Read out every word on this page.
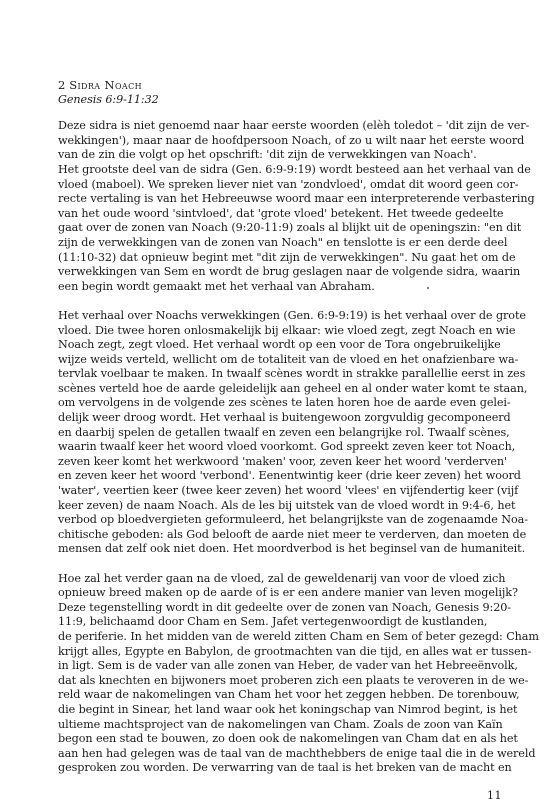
2 Sidra Noach
Genesis 6:9-11:32
Deze sidra is niet genoemd naar haar eerste woorden (elèh toledot – 'dit zijn de ver-
wekkingen'), maar naar de hoofdpersoon Noach, of zo u wilt naar het eerste woord
van de zin die volgt op het opschrift: 'dit zijn de verwekkingen van Noach'.
Het grootste deel van de sidra (Gen. 6:9-9:19) wordt besteed aan het verhaal van de
vloed (maboel). We spreken liever niet van 'zondvloed', omdat dit woord geen cor-
recte vertaling is van het Hebreeuwse woord maar een interpreterende verbastering
van het oude woord 'sintvloed', dat 'grote vloed' betekent. Het tweede gedeelte
gaat over de zonen van Noach (9:20-11:9) zoals al blijkt uit de openingszin: "en dit
zijn de verwekkingen van de zonen van Noach" en tenslotte is er een derde deel
(11:10-32) dat opnieuw begint met "dit zijn de verwekkingen". Nu gaat het om de
verwekkingen van Sem en wordt de brug geslagen naar de volgende sidra, waarin
een begin wordt gemaakt met het verhaal van Abraham.
Het verhaal over Noachs verwekkingen (Gen. 6:9-9:19) is het verhaal over de grote
vloed. Die twee horen onlosmakelijk bij elkaar: wie vloed zegt, zegt Noach en wie
Noach zegt, zegt vloed. Het verhaal wordt op een voor de Tora ongebruikelijke
wijze weids verteld, wellicht om de totaliteit van de vloed en het onafzienbare wa-
tervlak voelbaar te maken. In twaalf scènes wordt in strakke parallellie eerst in zes
scènes verteld hoe de aarde geleidelijk aan geheel en al onder water komt te staan,
om vervolgens in de volgende zes scènes te laten horen hoe de aarde even gelei-
delijk weer droog wordt. Het verhaal is buitengewoon zorgvuldig gecomponeerd
en daarbij spelen de getallen twaalf en zeven een belangrijke rol. Twaalf scènes,
waarin twaalf keer het woord vloed voorkomt. God spreekt zeven keer tot Noach,
zeven keer komt het werkwoord 'maken' voor, zeven keer het woord 'verderven'
en zeven keer het woord 'verbond'. Eenentwintig keer (drie keer zeven) het woord
'water', veertien keer (twee keer zeven) het woord 'vlees' en vijfendertig keer (vijf
keer zeven) de naam Noach. Als de les bij uitstek van de vloed wordt in 9:4-6, het
verbod op bloedvergieten geformuleerd, het belangrijkste van de zogenaamde Noa-
chitische geboden: als God belooft de aarde niet meer te verderven, dan moeten de
mensen dat zelf ook niet doen. Het moordverbod is het beginsel van de humaniteit.
Hoe zal het verder gaan na de vloed, zal de geweldenarij van voor de vloed zich
opnieuw breed maken op de aarde of is er een andere manier van leven mogelijk?
Deze tegenstelling wordt in dit gedeelte over de zonen van Noach, Genesis 9:20-
11:9, belichaamd door Cham en Sem. Jafet vertegenwoordigt de kustlanden,
de periferie. In het midden van de wereld zitten Cham en Sem of beter gezegd: Cham
krijgt alles, Egypte en Babylon, de grootmachten van die tijd, en alles wat er tussen-
in ligt. Sem is de vader van alle zonen van Heber, de vader van het Hebreeënvolk,
dat als knechten en bijwoners moet proberen zich een plaats te veroveren in de we-
reld waar de nakomelingen van Cham het voor het zeggen hebben. De torenbouw,
die begint in Sinear, het land waar ook het koningschap van Nimrod begint, is het
ultieme machtsproject van de nakomelingen van Cham. Zoals de zoon van Kaïn
begon een stad te bouwen, zo doen ook de nakomelingen van Cham dat en als het
aan hen had gelegen was de taal van de machthebbers de enige taal die in de wereld
gesproken zou worden. De verwarring van de taal is het breken van de macht en
11
